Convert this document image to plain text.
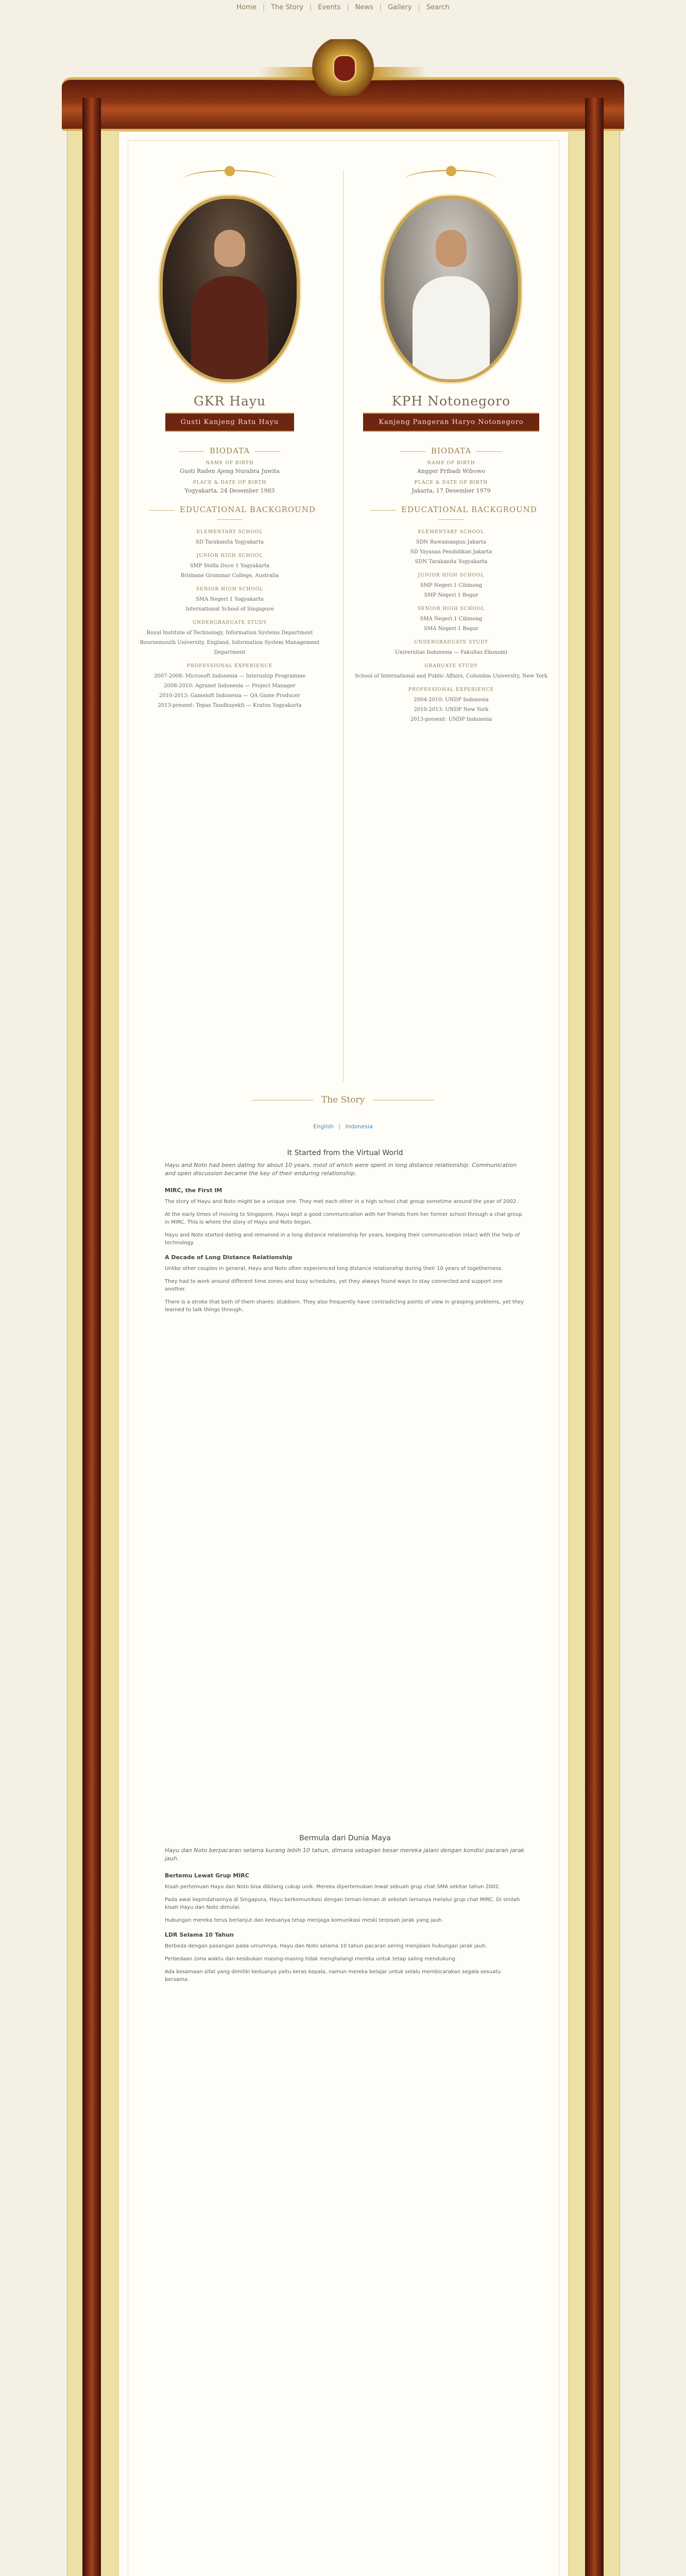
Home | The Story | Events | News | Gallery | Search
GKR Hayu
Gusti Kanjeng Ratu Hayu
BIODATA
NAME OF BIRTH
Gusti Raden Ajeng Nurabra Juwita
PLACE & DATE OF BIRTH
Yogyakarta, 24 Desember 1983
EDUCATIONAL BACKGROUND
ELEMENTARY SCHOOL
SD Tarakanita Yogyakarta
JUNIOR HIGH SCHOOL
SMP Stella Duce 1 Yogyakarta
Brisbane Grammar College, Australia
SENIOR HIGH SCHOOL
SMA Negeri 1 Yogyakarta
International School of Singapore
UNDERGRADUATE STUDY
Royal Institute of Technology, Information Systems Department
Bournemouth University, England, Information System Management Department
PROFESSIONAL EXPERIENCE
2007-2008: Microsoft Indonesia — Internship Programme
2008-2010: Agranet Indonesia — Project Manager
2010-2013: Gameloft Indonesia — QA Game Producer
2013-present: Tepas Tandhayekti — Kraton Yogyakarta
KPH Notonegoro
Kanjeng Pangeran Haryo Notonegoro
BIODATA
NAME OF BIRTH
Angger Pribadi Wibowo
PLACE & DATE OF BIRTH
Jakarta, 17 Desember 1979
EDUCATIONAL BACKGROUND
ELEMENTARY SCHOOL
SDN Rawamangun Jakarta
SD Yayasan Pendidikan Jakarta
SDN Tarakanita Yogyakarta
JUNIOR HIGH SCHOOL
SMP Negeri 1 Cibinong
SMP Negeri 1 Bogor
SENIOR HIGH SCHOOL
SMA Negeri 1 Cibinong
SMA Negeri 1 Bogor
UNDERGRADUATE STUDY
Universitas Indonesia — Fakultas Ekonomi
GRADUATE STUDY
School of International and Public Affairs, Columbia University, New York
PROFESSIONAL EXPERIENCE
2004-2010: UNDP Indonesia
2010-2013: UNDP New York
2013-present: UNDP Indonesia
The Story
English | Indonesia
It Started from the Virtual World
Hayu and Noto had been dating for about 10 years, most of which were spent in long distance relationship. Communication and open discussion became the key of their enduring relationship.
MIRC, the First IM

The story of Hayu and Noto might be a unique one. They met each other in a high school chat group sometime around the year of 2002.

At the early times of moving to Singapore, Hayu kept a good communication with her friends from her former school through a chat group in MIRC. This is where the story of Hayu and Noto began.

Hayu and Noto started dating and remained in a long distance relationship for years, keeping their communication intact with the help of technology.

A Decade of Long Distance Relationship

Unlike other couples in general, Hayu and Noto often experienced long distance relationship during their 10 years of togetherness.

They had to work around different time zones and busy schedules, yet they always found ways to stay connected and support one another.

There is a stroke that both of them shares: stubborn. They also frequently have contradicting points of view in grasping problems, yet they learned to talk things through.

Bermula dari Dunia Maya
Hayu dan Noto berpacaran selama kurang lebih 10 tahun, dimana sebagian besar mereka jalani dengan kondisi pacaran jarak jauh.
Bertemu Lewat Grup MIRC

Kisah pertemuan Hayu dan Noto bisa dibilang cukup unik. Mereka dipertemukan lewat sebuah grup chat SMA sekitar tahun 2002.

Pada awal kepindahannya di Singapura, Hayu berkomunikasi dengan teman-teman di sekolah lamanya melalui grup chat MIRC. Di sinilah kisah Hayu dan Noto dimulai.

Hubungan mereka terus berlanjut dan keduanya tetap menjaga komunikasi meski terpisah jarak yang jauh.

LDR Selama 10 Tahun

Berbeda dengan pasangan pada umumnya, Hayu dan Noto selama 10 tahun pacaran sering menjalani hubungan jarak jauh.

Perbedaan zona waktu dan kesibukan masing-masing tidak menghalangi mereka untuk tetap saling mendukung.

Ada kesamaan sifat yang dimiliki keduanya yaitu keras kepala, namun mereka belajar untuk selalu membicarakan segala sesuatu bersama.
